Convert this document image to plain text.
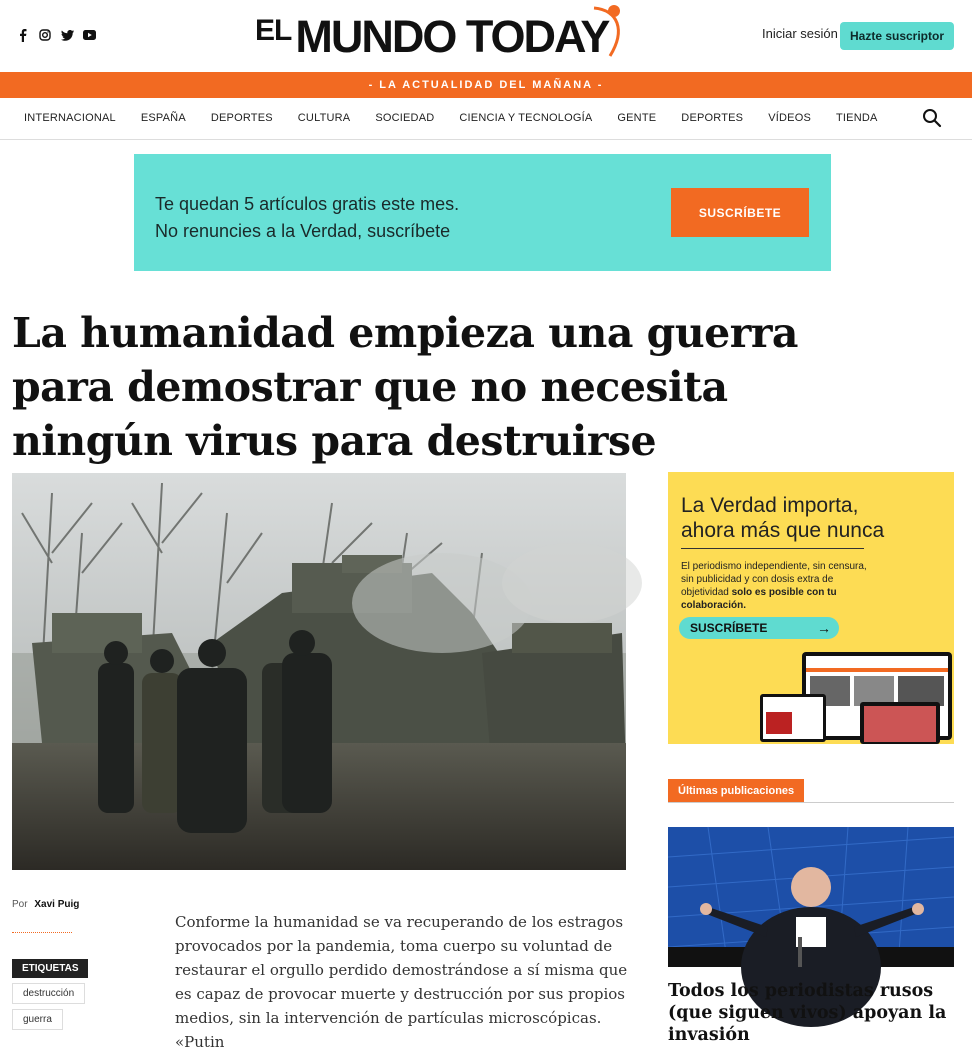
EL MUNDO TODAY	Iniciar sesión	Hazte suscriptor
- LA ACTUALIDAD DEL MAÑANA -
INTERNACIONAL ESPAÑA DEPORTES CULTURA SOCIEDAD CIENCIA Y TECNOLOGÍA GENTE DEPORTES VÍDEOS TIENDA
Te quedan 5 artículos gratis este mes.
No renuncies a la Verdad, suscríbete
SUSCRÍBETE
La humanidad empieza una guerra para demostrar que no necesita ningún virus para destruirse
Por Xavi Puig
ETIQUETAS
destrucción
guerra

Conforme la humanidad se va recuperando de los estragos provocados por la pandemia, toma cuerpo su voluntad de restaurar el orgullo perdido demostrándose a sí misma que es capaz de provocar muerte y destrucción por sus propios medios, sin la intervención de partículas microscópicas. «Putin

La Verdad importa,
ahora más que nunca
El periodismo independiente, sin censura, sin publicidad y con dosis extra de objetividad solo es posible con tu colaboración.
SUSCRÍBETE	→
Últimas publicaciones
Todos los periodistas rusos (que siguen vivos) apoyan la invasión
